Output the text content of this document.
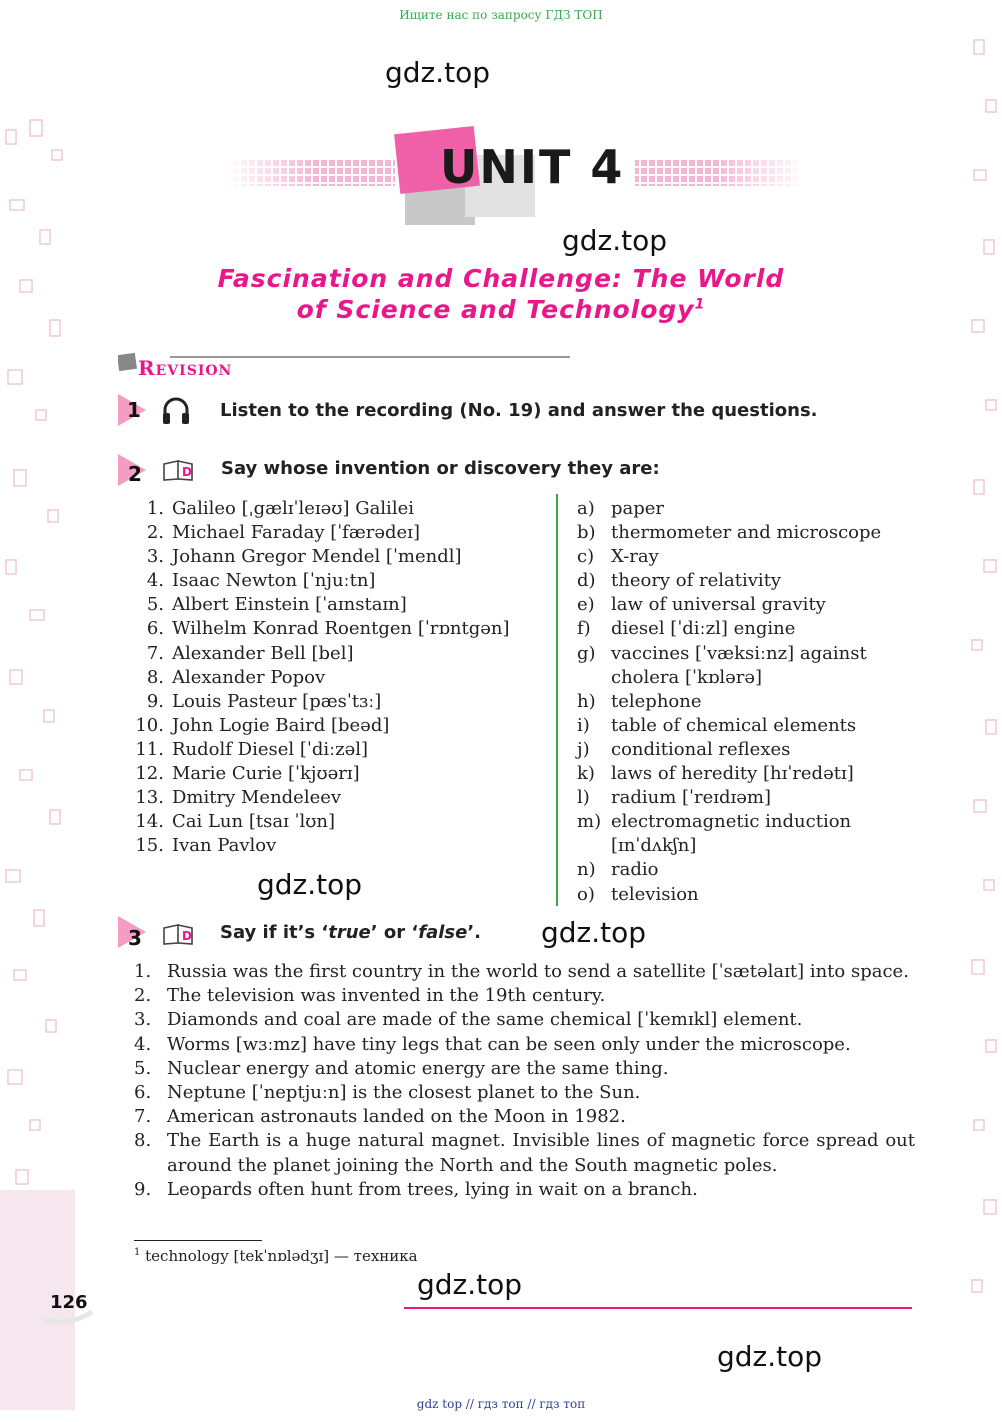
Ищите нас по запросу ГДЗ ТОП
gdz.top
gdz.top
gdz.top
gdz.top
gdz.top
gdz.top
UNIT 4
Fascination and Challenge: The World
of Science and Technology$^1$
Revision
1	Listen to the recording (No. 19) and answer the questions.
2	D Say whose invention or discovery they are:
1. Galileo [ˌgælɪˈleɪəʊ] Galilei
2. Michael Faraday [ˈfærədeɪ]
3. Johann Gregor Mendel [ˈmendl]
4. Isaac Newton [ˈnjuːtn]
5. Albert Einstein [ˈaɪnstaɪn]
6. Wilhelm Konrad Roentgen [ˈrɒntgən]
7. Alexander Bell [bel]
8. Alexander Popov
9. Louis Pasteur [pæsˈtɜː]
10. John Logie Baird [beəd]
11. Rudolf Diesel [ˈdiːzəl]
12. Marie Curie [ˈkjʊərɪ]
13. Dmitry Mendeleev
14. Cai Lun [tsaɪ ˈlʊn]
15. Ivan Pavlov
a) paper
b) thermometer and microscope
c) X-ray
d) theory of relativity
e) law of universal gravity
f)	diesel [ˈdiːzl] engine
g) vaccines [ˈvæksiːnz] against
cholera [ˈkɒlərə]
h) telephone
i)	table of chemical elements
j)	conditional reflexes
k) laws of heredity [hɪˈredətɪ]
l)	radium [ˈreɪdɪəm]
m) electromagnetic induction
[ɪnˈdʌkʃn]
n) radio
o) television
3	D Say if it’s ‘true’ or ‘false’.
1. Russia was the first country in the world to send a satellite [ˈsætəlaɪt] into space.
2. The television was invented in the 19th century.
3. Diamonds and coal are made of the same chemical [ˈkemɪkl] element.
4. Worms [wɜːmz] have tiny legs that can be seen only under the microscope.
5. Nuclear energy and atomic energy are the same thing.
6. Neptune [ˈneptjuːn] is the closest planet to the Sun.
7. American astronauts landed on the Moon in 1982.
8. The Earth is a huge natural magnet. Invisible lines of magnetic force spread out around the planet joining the North and the South magnetic poles.
9. Leopards often hunt from trees, lying in wait on a branch.
$^1$ technology [tekˈnɒlədʒɪ] — техника
126
gdz top // гдз топ // гдз топ
